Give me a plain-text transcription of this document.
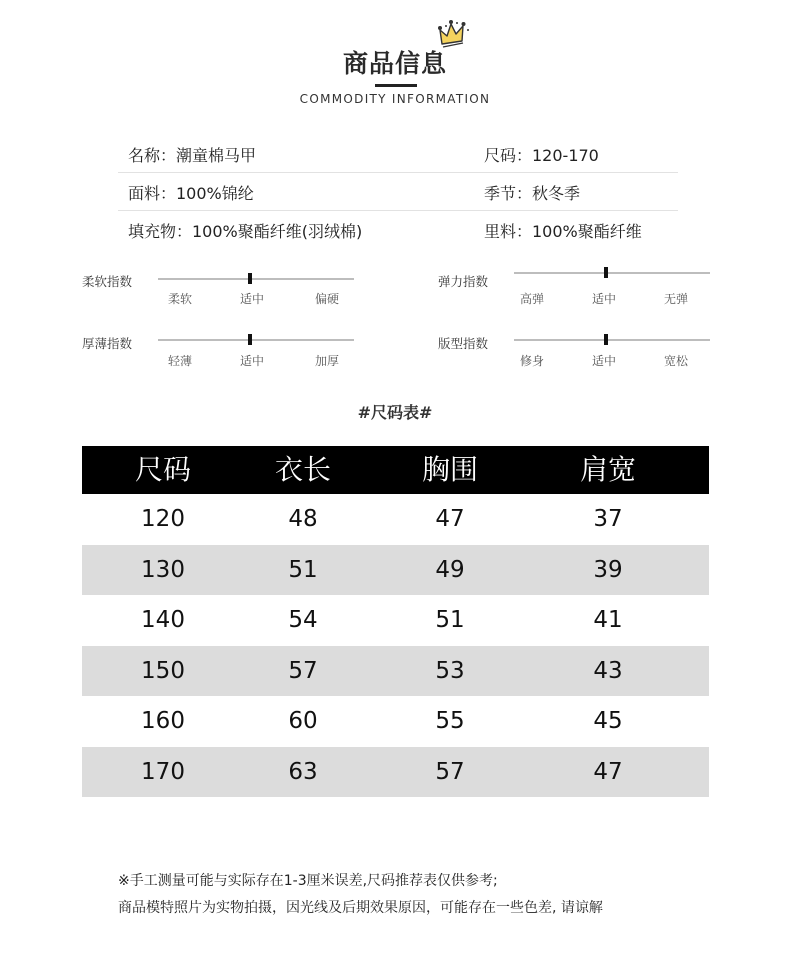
商品信息
COMMODITY INFORMATION
名称：潮童棉马甲	尺码：120-170
面料：100%锦纶	季节：秋冬季
填充物：100%聚酯纤维(羽绒棉)	里料：100%聚酯纤维
柔软指数
柔软	适中	偏硬
弹力指数
高弹	适中	无弹
厚薄指数
轻薄	适中	加厚
版型指数
修身	适中	宽松
#尺码表#
尺码	衣长	胸围	肩宽
120	48	47	37
130	51	49	39
140	54	51	41
150	57	53	43
160	60	55	45
170	63	57	47
※手工测量可能与实际存在1-3厘米误差,尺码推荐表仅供参考;
商品模特照片为实物拍摄，因光线及后期效果原因，可能存在一些色差, 请谅解
